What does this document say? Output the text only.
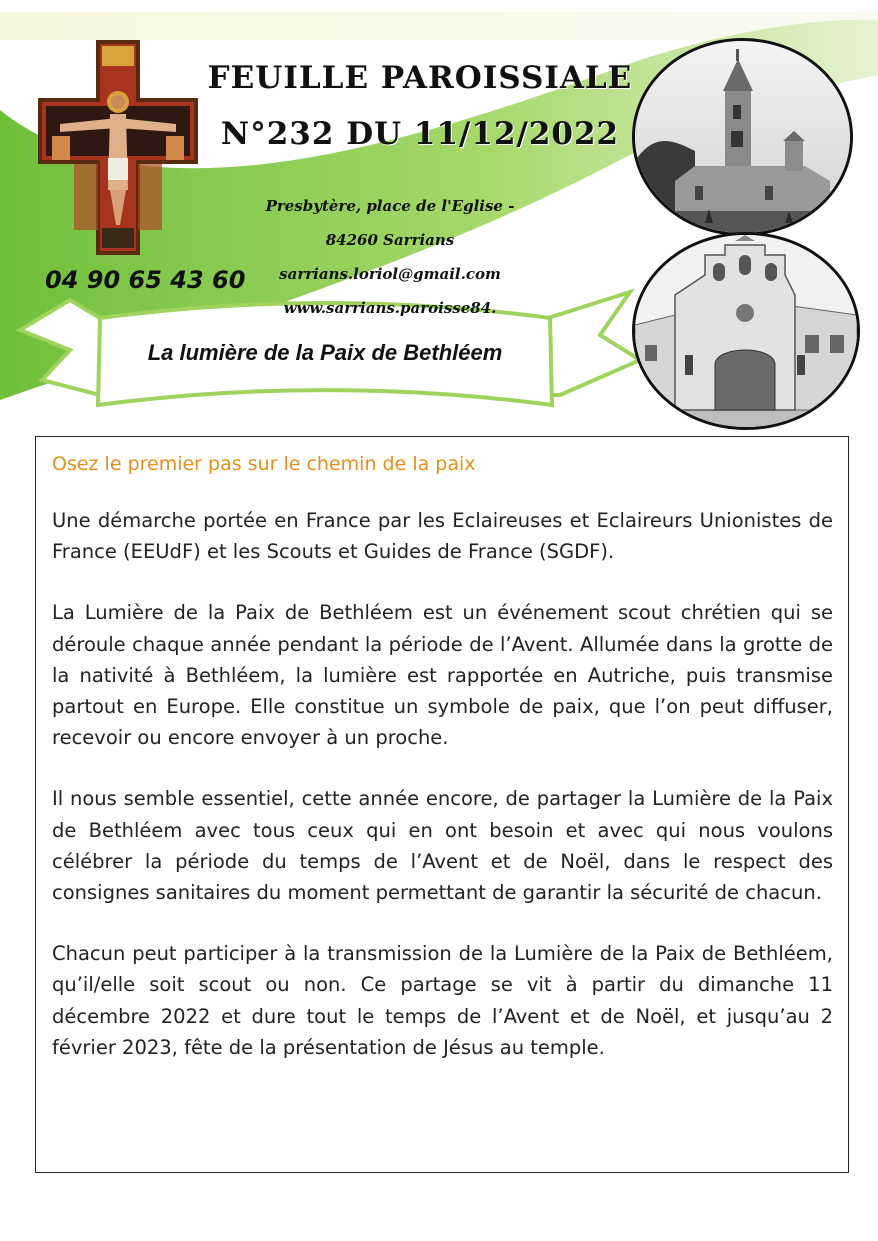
FEUILLE PAROISSIALE
N°232 DU 11/12/2022
Presbytère, place de l'Eglise -
84260 Sarrians
sarrians.loriol@gmail.com
www.sarrians.paroisse84.
04 90 65 43 60
La lumière de la Paix de Bethléem

Osez le premier pas sur le chemin de la paix

Une démarche portée en France par les Eclaireuses et Eclaireurs Unionistes de France (EEUdF) et les Scouts et Guides de France (SGDF).

La Lumière de la Paix de Bethléem est un événement scout chrétien qui se déroule chaque année pendant la période de l’Avent. Allumée dans la grotte de la nativité à Bethléem, la lumière est rapportée en Autriche, puis transmise partout en Europe. Elle constitue un symbole de paix, que l’on peut diffuser, recevoir ou encore envoyer à un proche.

Il nous semble essentiel, cette année encore, de partager la Lumière de la Paix de Bethléem avec tous ceux qui en ont besoin et avec qui nous voulons célébrer la période du temps de l’Avent et de Noël, dans le respect des consignes sanitaires du moment permettant de garantir la sécurité de chacun.

Chacun peut participer à la transmission de la Lumière de la Paix de Bethléem, qu’il/elle soit scout ou non. Ce partage se vit à partir du dimanche 11 décembre 2022 et dure tout le temps de l’Avent et de Noël, et jusqu’au 2 février 2023, fête de la présentation de Jésus au temple.
